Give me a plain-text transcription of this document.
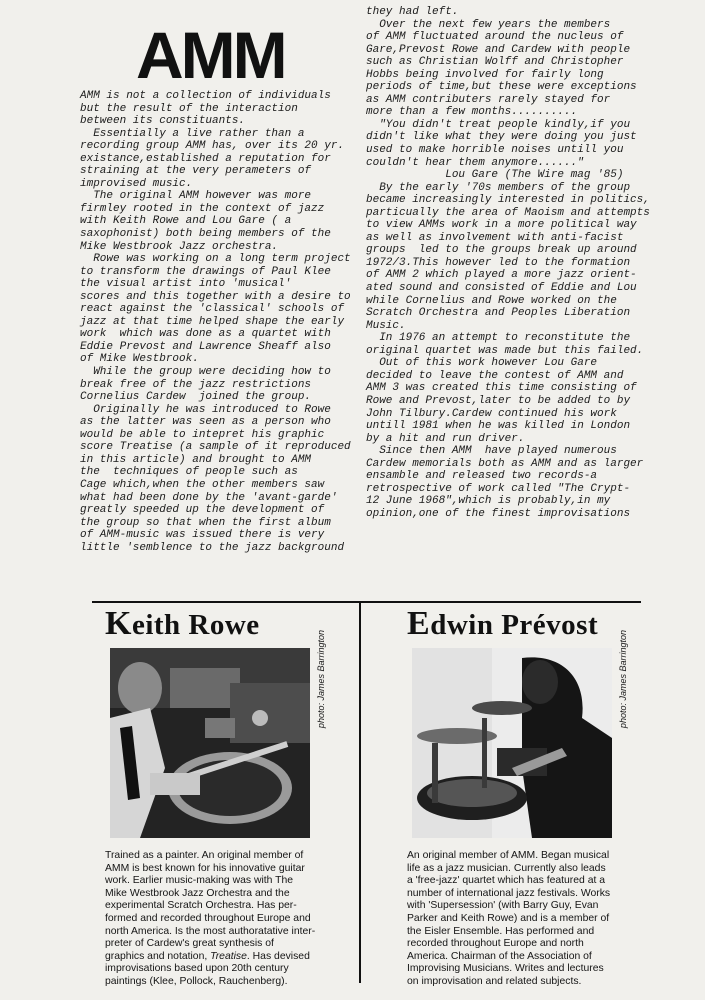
AMM

AMM is not a collection of individuals

but the result of the interaction

between its constituants.

Essentially a live rather than a

recording group AMM has, over its 20 yr.

existance,established a reputation for

straining at the very perameters of

improvised music.

The original AMM however was more

firmley rooted in the context of jazz

with Keith Rowe and Lou Gare ( a

saxophonist) both being members of the

Mike Westbrook Jazz orchestra.

Rowe was working on a long term project

to transform the drawings of Paul Klee

the visual artist into 'musical'

scores and this together with a desire to

react against the 'classical' schools of

jazz at that time helped shape the early

work  which was done as a quartet with

Eddie Prevost and Lawrence Sheaff also

of Mike Westbrook.

While the group were deciding how to

break free of the jazz restrictions

Cornelius Cardew  joined the group.

Originally he was introduced to Rowe

as the latter was seen as a person who

would be able to intepret his graphic

score Treatise (a sample of it reproduced

in this article) and brought to AMM

the  techniques of people such as

Cage which,when the other members saw

what had been done by the 'avant-garde'

greatly speeded up the development of

the group so that when the first album

of AMM-music was issued there is very

little 'semblence to the jazz background

they had left.

Over the next few years the members

of AMM fluctuated around the nucleus of

Gare,Prevost Rowe and Cardew with people

such as Christian Wolff and Christopher

Hobbs being involved for fairly long

periods of time,but these were exceptions

as AMM contributers rarely stayed for

more than a few months..........

"You didn't treat people kindly,if you

didn't like what they were doing you just

used to make horrible noises untill you

couldn't hear them anymore......"

Lou Gare (The Wire mag '85)

By the early '70s members of the group

became increasingly interested in politics,

particually the area of Maoism and attempts

to view AMMs work in a more political way

as well as involvement with anti-facist

groups  led to the groups break up around

1972/3.This however led to the formation

of AMM 2 which played a more jazz orient-

ated sound and consisted of Eddie and Lou

while Cornelius and Rowe worked on the

Scratch Orchestra and Peoples Liberation

Music.

In 1976 an attempt to reconstitute the

original quartet was made but this failed.

Out of this work however Lou Gare

decided to leave the contest of AMM and

AMM 3 was created this time consisting of

Rowe and Prevost,later to be added to by

John Tilbury.Cardew continued his work

untill 1981 when he was killed in London

by a hit and run driver.

Since then AMM  have played numerous

Cardew memorials both as AMM and as larger

ensamble and released two records-a

retrospective of work called "The Crypt-

12 June 1968",which is probably,in my

opinion,one of the finest improvisations

Keith Rowe
photo: James Barrington

Trained as a painter. An original member of

AMM is best known for his innovative guitar

work. Earlier music-making was with The

Mike Westbrook Jazz Orchestra and the

experimental Scratch Orchestra. Has per-

formed and recorded throughout Europe and

north America. Is the most authoratative inter-

preter of Cardew's great synthesis of

graphics and notation, Treatise. Has devised

improvisations based upon 20th century

paintings (Klee, Pollock, Rauchenberg).

Edwin Prévost
photo: James Barrington

An original member of AMM. Began musical

life as a jazz musician. Currently also leads

a 'free-jazz' quartet which has featured at a

number of international jazz festivals. Works

with 'Supersession' (with Barry Guy, Evan

Parker and Keith Rowe) and is a member of

the Eisler Ensemble. Has performed and

recorded throughout Europe and north

America. Chairman of the Association of

Improvising Musicians. Writes and lectures

on improvisation and related subjects.
